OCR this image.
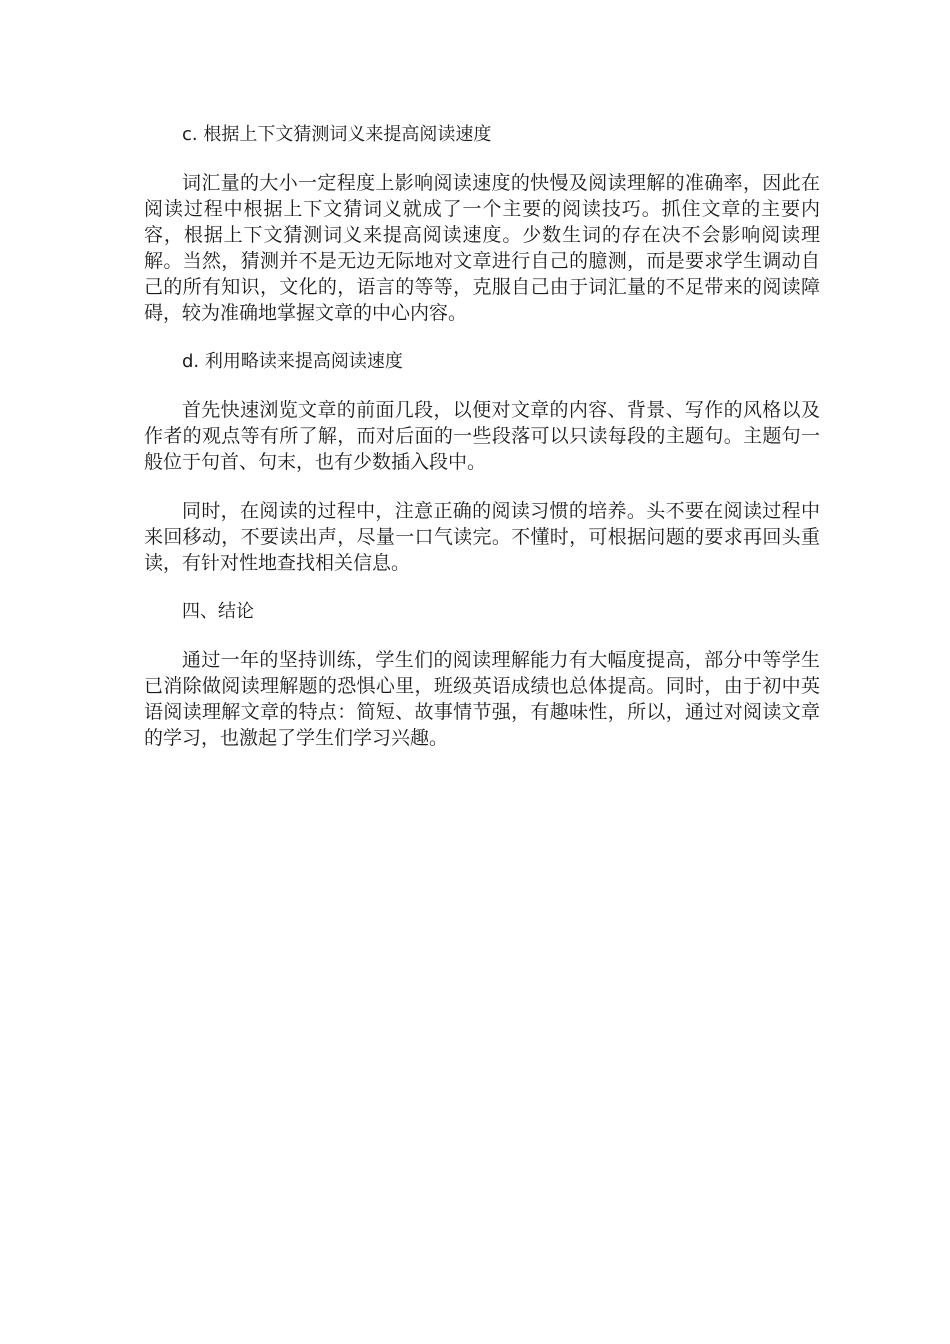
c. 根据上下文猜测词义来提高阅读速度

词汇量的大小一定程度上影响阅读速度的快慢及阅读理解的准确率，因此在阅读过程中根据上下文猜词义就成了一个主要的阅读技巧。抓住文章的主要内容，根据上下文猜测词义来提高阅读速度。少数生词的存在决不会影响阅读理解。当然，猜测并不是无边无际地对文章进行自己的臆测，而是要求学生调动自己的所有知识，文化的，语言的等等，克服自己由于词汇量的不足带来的阅读障碍，较为准确地掌握文章的中心内容。

d. 利用略读来提高阅读速度

首先快速浏览文章的前面几段，以便对文章的内容、背景、写作的风格以及作者的观点等有所了解，而对后面的一些段落可以只读每段的主题句。主题句一般位于句首、句末，也有少数插入段中。

同时，在阅读的过程中，注意正确的阅读习惯的培养。头不要在阅读过程中来回移动，不要读出声，尽量一口气读完。不懂时，可根据问题的要求再回头重读，有针对性地查找相关信息。

四、结论

通过一年的坚持训练，学生们的阅读理解能力有大幅度提高，部分中等学生已消除做阅读理解题的恐惧心里，班级英语成绩也总体提高。同时，由于初中英语阅读理解文章的特点：简短、故事情节强，有趣味性，所以，通过对阅读文章的学习，也激起了学生们学习兴趣。
